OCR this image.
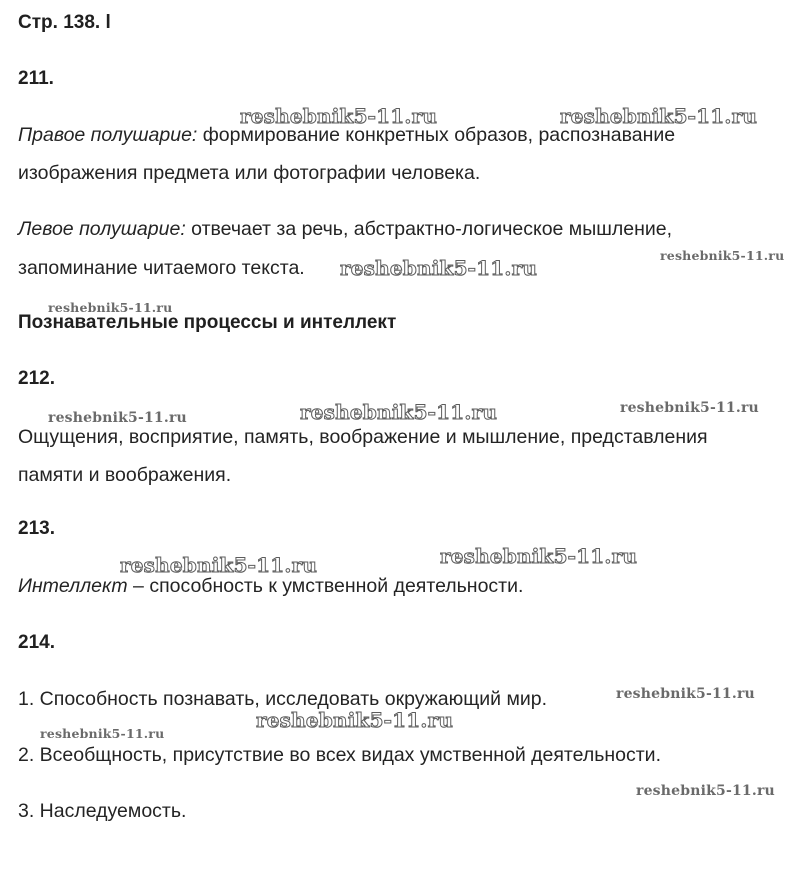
Стр. 138. l
211.
Правое полушарие: формирование конкретных образов, распознавание
изображения предмета или фотографии человека.
Левое полушарие: отвечает за речь, абстрактно-логическое мышление,
запоминание читаемого текста.
Познавательные процессы и интеллект
212.
Ощущения, восприятие, память, воображение и мышление, представления
памяти и воображения.
213.
Интеллект – способность к умственной деятельности.
214.
1. Способность познавать, исследовать окружающий мир.
2. Всеобщность, присутствие во всех видах умственной деятельности.
3. Наследуемость.
reshebnik5-11.ru	reshebnik5-11.ru
reshebnik5-11.ru
reshebnik5-11.ru
reshebnik5-11.ru
reshebnik5-11.ru	reshebnik5-11.ru	reshebnik5-11.ru
reshebnik5-11.ru	reshebnik5-11.ru
reshebnik5-11.ru
reshebnik5-11.ru
reshebnik5-11.ru
reshebnik5-11.ru
